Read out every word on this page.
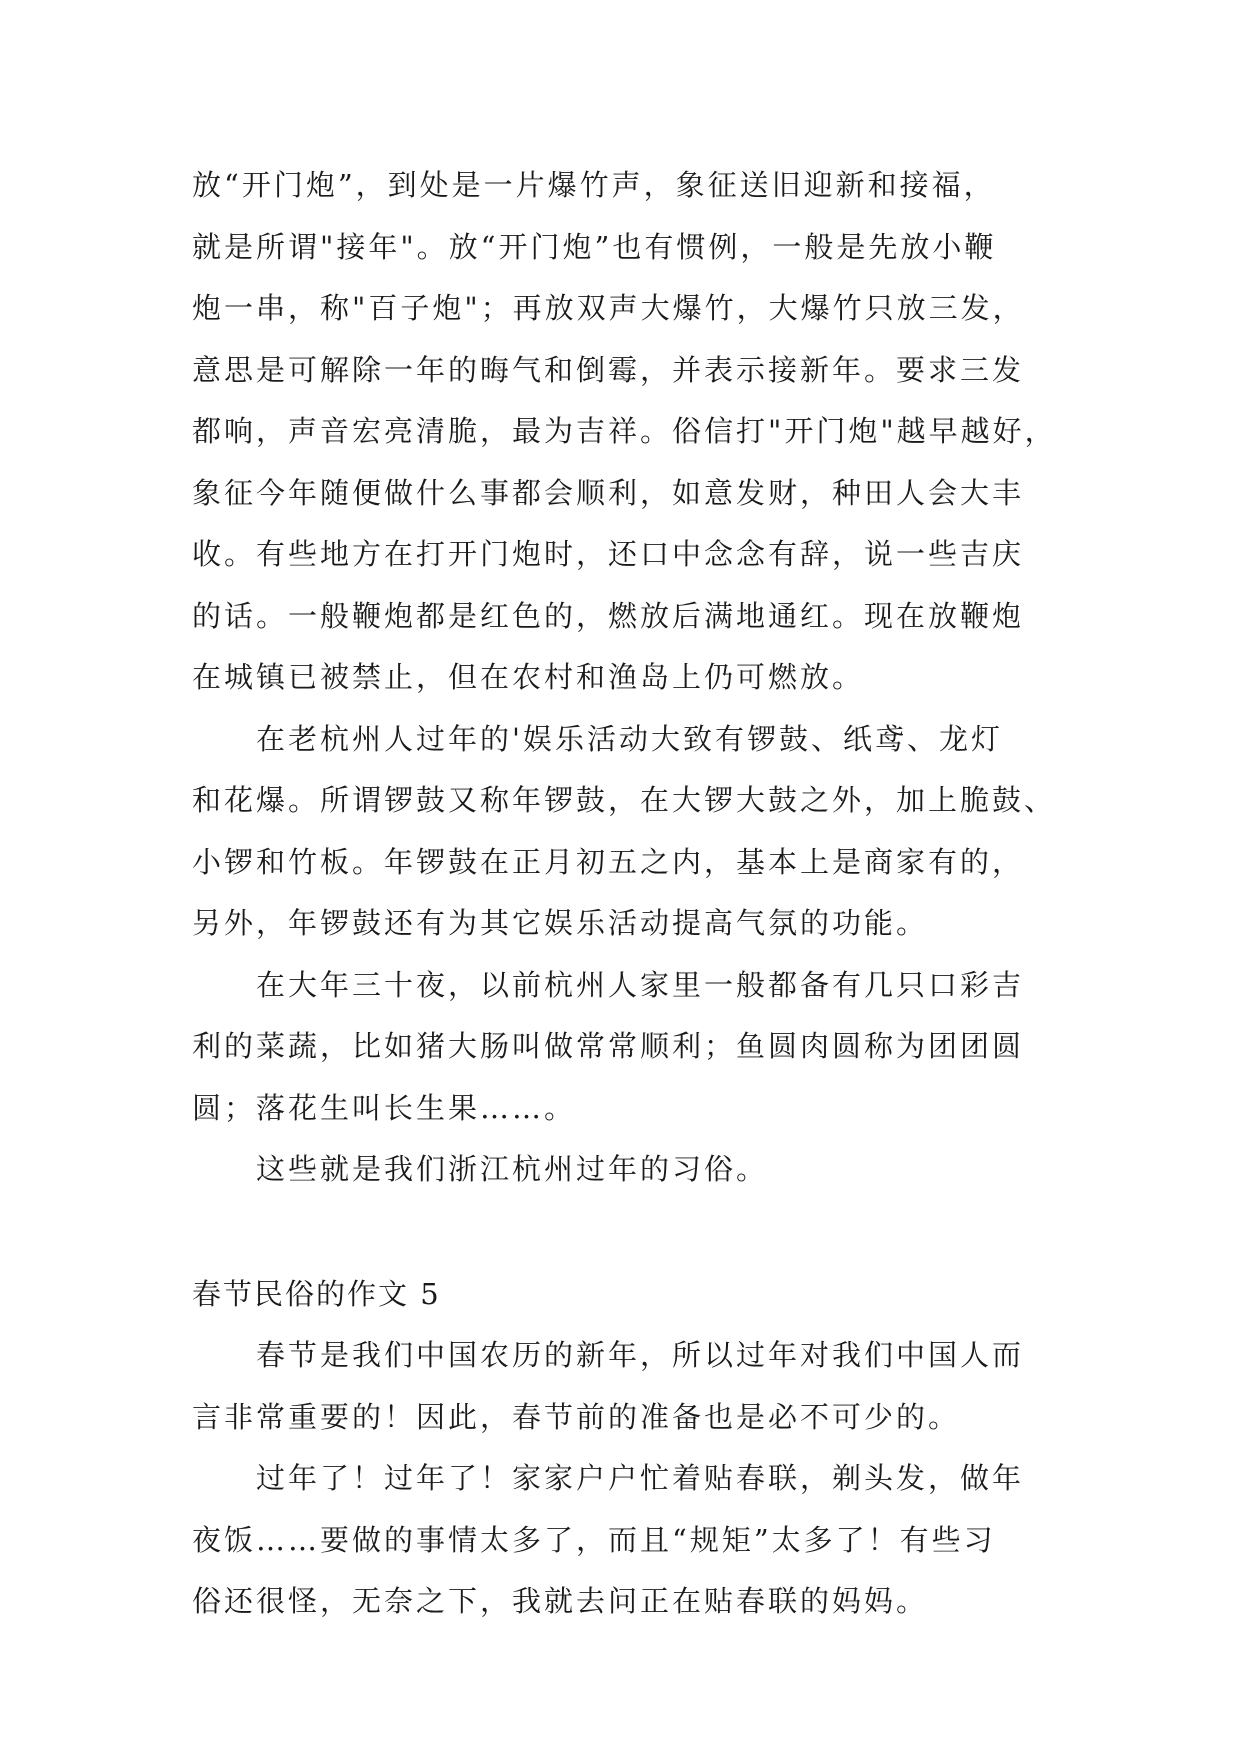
放“开门炮”，到处是一片爆竹声，象征送旧迎新和接福，
就是所谓"接年"。放“开门炮”也有惯例，一般是先放小鞭
炮一串，称"百子炮"；再放双声大爆竹，大爆竹只放三发，
意思是可解除一年的晦气和倒霉，并表示接新年。要求三发
都响，声音宏亮清脆，最为吉祥。俗信打"开门炮"越早越好，
象征今年随便做什么事都会顺利，如意发财，种田人会大丰
收。有些地方在打开门炮时，还口中念念有辞，说一些吉庆
的话。一般鞭炮都是红色的，燃放后满地通红。现在放鞭炮
在城镇已被禁止，但在农村和渔岛上仍可燃放。
在老杭州人过年的'娱乐活动大致有锣鼓、纸鸢、龙灯
和花爆。所谓锣鼓又称年锣鼓，在大锣大鼓之外，加上脆鼓、
小锣和竹板。年锣鼓在正月初五之内，基本上是商家有的，
另外，年锣鼓还有为其它娱乐活动提高气氛的功能。
在大年三十夜，以前杭州人家里一般都备有几只口彩吉
利的菜蔬，比如猪大肠叫做常常顺利；鱼圆肉圆称为团团圆
圆；落花生叫长生果……。
这些就是我们浙江杭州过年的习俗。
春节民俗的作文 5
春节是我们中国农历的新年，所以过年对我们中国人而
言非常重要的！因此，春节前的准备也是必不可少的。
过年了！过年了！家家户户忙着贴春联，剃头发，做年
夜饭……要做的事情太多了，而且“规矩”太多了！有些习
俗还很怪，无奈之下，我就去问正在贴春联的妈妈。
